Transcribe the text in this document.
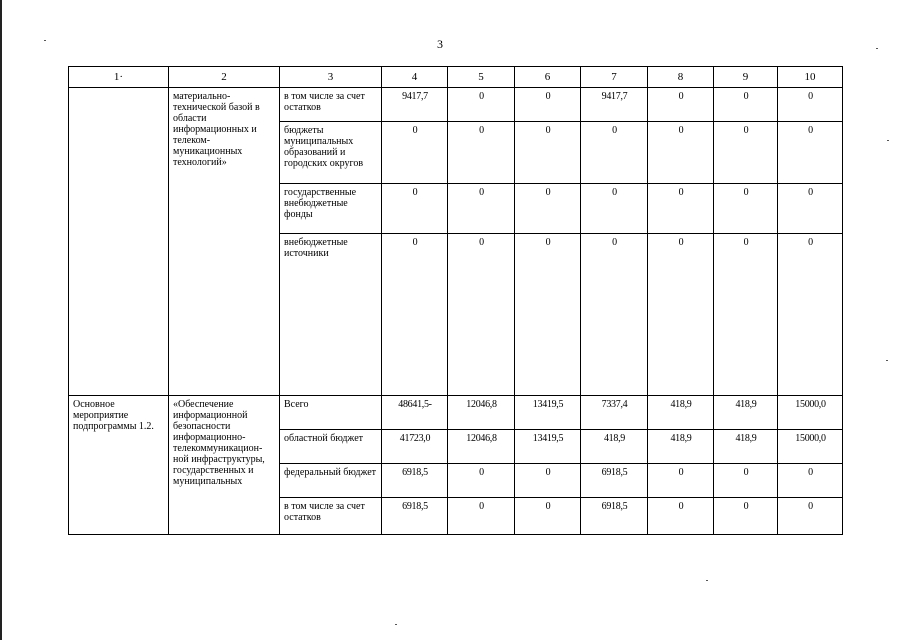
3
1·	2	3	4	5	6	7	8	9	10
	материально-технической базой в области информационных и телеком-муникационных технологий»	в том числе за счет остатков	9417,7	0	0	9417,7	0	0	0
		бюджеты муниципальных образований и городских округов	0	0	0	0	0	0	0
		государственные внебюджетные фонды	0	0	0	0	0	0	0
		внебюджетные источники	0	0	0	0	0	0	0
Основное мероприятие подпрограммы 1.2.	«Обеспечение информационной безопасности информационно-телекоммуникацион-ной инфраструктуры, государственных и муниципальных	Всего	48641,5-	12046,8	13419,5	7337,4	418,9	418,9	15000,0
		областной бюджет	41723,0	12046,8	13419,5	418,9	418,9	418,9	15000,0
		федеральный бюджет	6918,5	0	0	6918,5	0	0	0
		в том числе за счет остатков	6918,5	0	0	6918,5	0	0	0
